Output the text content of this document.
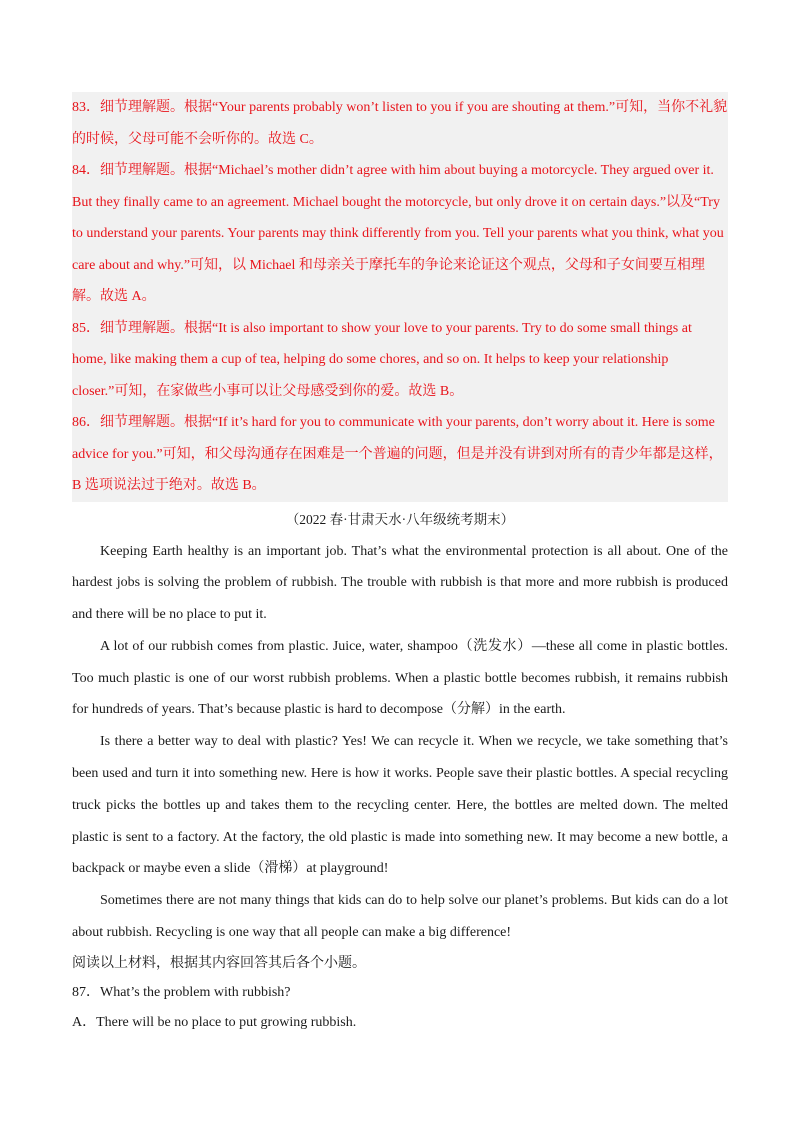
83．细节理解题。根据“Your parents probably won’t listen to you if you are shouting at them.”可知，当你不礼貌的时候，父母可能不会听你的。故选 C。

84．细节理解题。根据“Michael’s mother didn’t agree with him about buying a motorcycle. They argued over it. But they finally came to an agreement. Michael bought the motorcycle, but only drove it on certain days.”以及“Try to understand your parents. Your parents may think differently from you. Tell your parents what you think, what you care about and why.”可知，以 Michael 和母亲关于摩托车的争论来论证这个观点，父母和子女间要互相理解。故选 A。

85．细节理解题。根据“It is also important to show your love to your parents. Try to do some small things at home, like making them a cup of tea, helping do some chores, and so on. It helps to keep your relationship closer.”可知，在家做些小事可以让父母感受到你的爱。故选 B。

86．细节理解题。根据“If it’s hard for you to communicate with your parents, don’t worry about it. Here is some advice for you.”可知，和父母沟通存在困难是一个普遍的问题，但是并没有讲到对所有的青少年都是这样，B 选项说法过于绝对。故选 B。

（2022 春·甘肃天水·八年级统考期末）

Keeping Earth healthy is an important job. That’s what the environmental protection is all about. One of the hardest jobs is solving the problem of rubbish. The trouble with rubbish is that more and more rubbish is produced and there will be no place to put it.

A lot of our rubbish comes from plastic. Juice, water, shampoo（洗发水）—these all come in plastic bottles. Too much plastic is one of our worst rubbish problems. When a plastic bottle becomes rubbish, it remains rubbish for hundreds of years. That’s because plastic is hard to decompose（分解）in the earth.

Is there a better way to deal with plastic? Yes! We can recycle it. When we recycle, we take something that’s been used and turn it into something new. Here is how it works. People save their plastic bottles. A special recycling truck picks the bottles up and takes them to the recycling center. Here, the bottles are melted down. The melted plastic is sent to a factory. At the factory, the old plastic is made into something new. It may become a new bottle, a backpack or maybe even a slide（滑梯）at playground!

Sometimes there are not many things that kids can do to help solve our planet’s problems. But kids can do a lot about rubbish. Recycling is one way that all people can make a big difference!

阅读以上材料，根据其内容回答其后各个小题。

87．What’s the problem with rubbish?

A．There will be no place to put growing rubbish.
